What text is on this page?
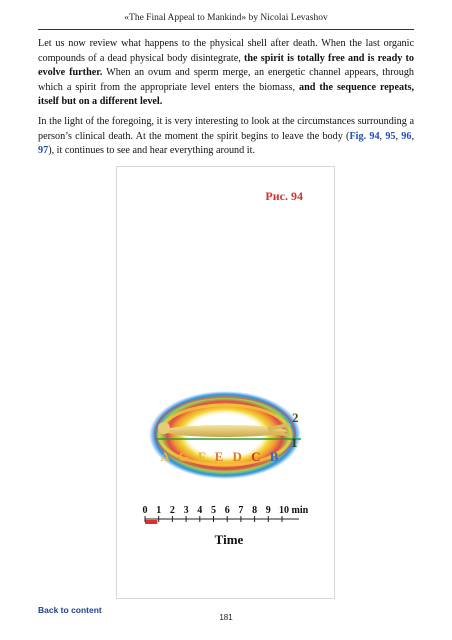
«The Final Appeal to Mankind» by Nicolai Levashov

Let us now review what happens to the physical shell after death. When the last organic compounds of a dead physical body disintegrate, the spirit is totally free and is ready to evolve further. When an ovum and sperm merge, an energetic channel appears, through which a spirit from the appropriate level enters the biomass, and the sequence repeats, itself but on a different level.

In the light of the foregoing, it is very interesting to look at the circumstances surrounding a person’s clinical death. At the moment the spirit begins to leave the body (Fig. 94, 95, 96, 97), it continues to see and hear everything around it.

Рис. 94
2
1
A G F E D C B
0 1 2 3 4 5 6 7 8 9 10 min
Time
Back to content
181
